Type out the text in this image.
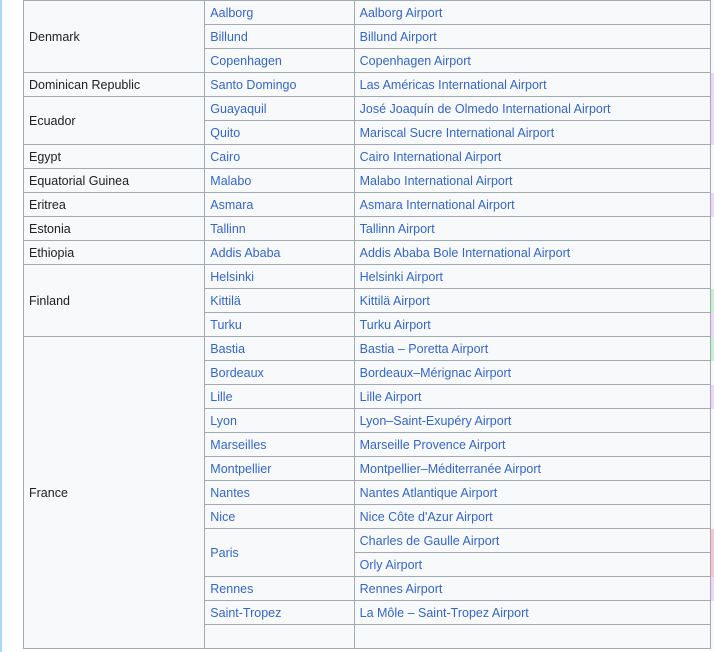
Denmark	Aalborg	Aalborg Airport	
	Billund	Billund Airport	
	Copenhagen	Copenhagen Airport	
Dominican Republic	Santo Domingo	Las Américas International Airport	
Ecuador	Guayaquil	José Joaquín de Olmedo International Airport	
	Quito	Mariscal Sucre International Airport	
Egypt	Cairo	Cairo International Airport	
Equatorial Guinea	Malabo	Malabo International Airport	
Eritrea	Asmara	Asmara International Airport	
Estonia	Tallinn	Tallinn Airport	
Ethiopia	Addis Ababa	Addis Ababa Bole International Airport	
Finland	Helsinki	Helsinki Airport	
	Kittilä	Kittilä Airport	
	Turku	Turku Airport	
France	Bastia	Bastia – Poretta Airport	
	Bordeaux	Bordeaux–Mérignac Airport	
	Lille	Lille Airport	
	Lyon	Lyon–Saint-Exupéry Airport	
	Marseilles	Marseille Provence Airport	
	Montpellier	Montpellier–Méditerranée Airport	
	Nantes	Nantes Atlantique Airport	
	Nice	Nice Côte d'Azur Airport	
	Paris	Charles de Gaulle Airport	
		Orly Airport	
	Rennes	Rennes Airport	
	Saint-Tropez	La Môle – Saint-Tropez Airport	
